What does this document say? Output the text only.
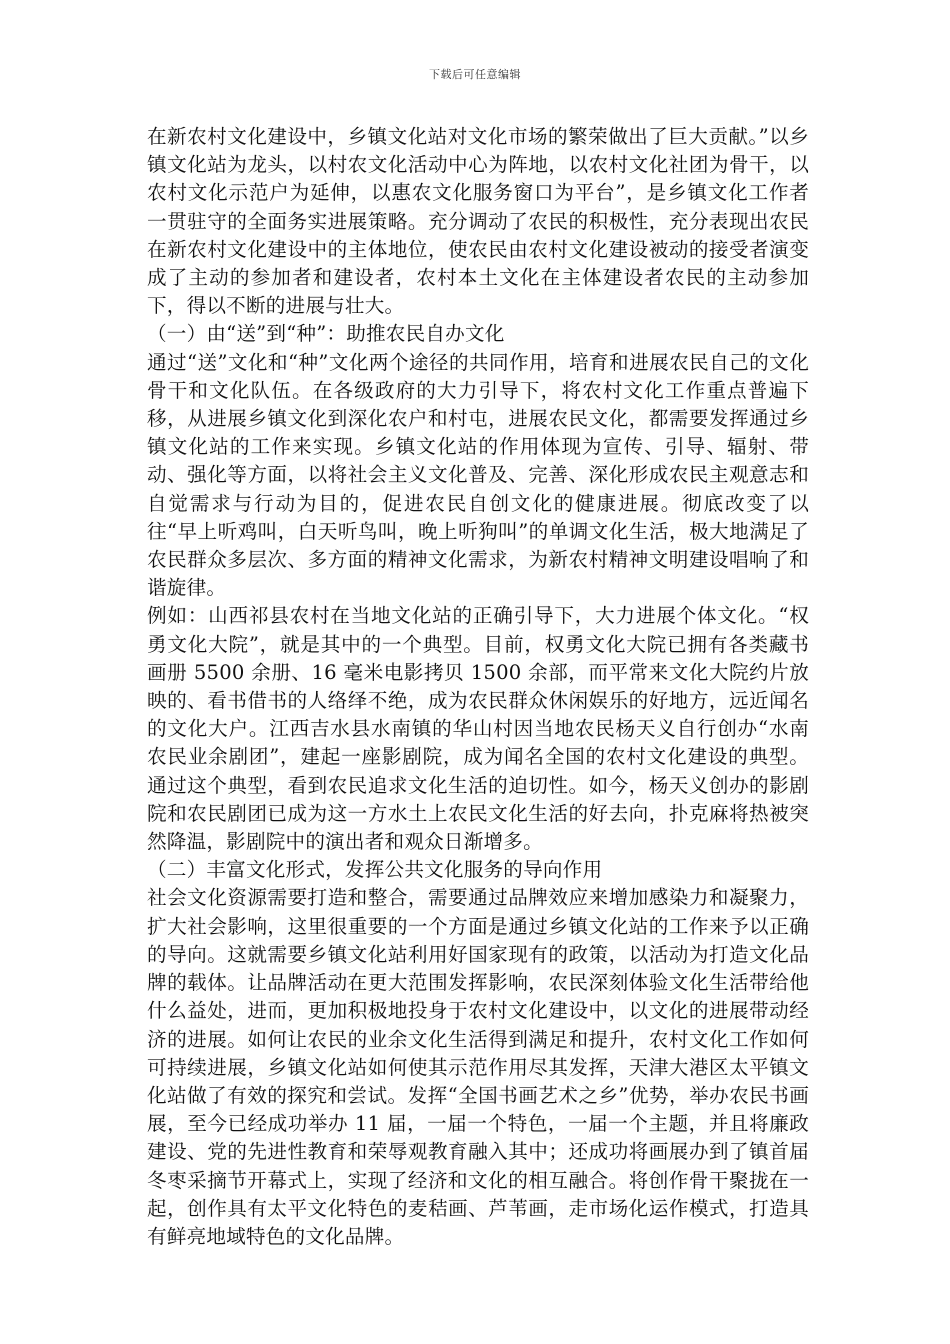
下载后可任意编辑

在新农村文化建设中，乡镇文化站对文化市场的繁荣做出了巨大贡献。”以乡镇文化站为龙头，以村农文化活动中心为阵地，以农村文化社团为骨干，以农村文化示范户为延伸，以惠农文化服务窗口为平台”，是乡镇文化工作者一贯驻守的全面务实进展策略。充分调动了农民的积极性，充分表现出农民在新农村文化建设中的主体地位，使农民由农村文化建设被动的接受者演变成了主动的参加者和建设者，农村本土文化在主体建设者农民的主动参加下，得以不断的进展与壮大。

（一）由“送”到“种”：助推农民自办文化

通过“送”文化和“种”文化两个途径的共同作用，培育和进展农民自己的文化骨干和文化队伍。在各级政府的大力引导下，将农村文化工作重点普遍下移，从进展乡镇文化到深化农户和村屯，进展农民文化，都需要发挥通过乡镇文化站的工作来实现。乡镇文化站的作用体现为宣传、引导、辐射、带动、强化等方面，以将社会主义文化普及、完善、深化形成农民主观意志和自觉需求与行动为目的，促进农民自创文化的健康进展。彻底改变了以往“早上听鸡叫，白天听鸟叫，晚上听狗叫”的单调文化生活，极大地满足了农民群众多层次、多方面的精神文化需求，为新农村精神文明建设唱响了和谐旋律。

例如：山西祁县农村在当地文化站的正确引导下，大力进展个体文化。“权勇文化大院”，就是其中的一个典型。目前，权勇文化大院已拥有各类藏书画册 5500 余册、16 毫米电影拷贝 1500 余部，而平常来文化大院约片放映的、看书借书的人络绎不绝，成为农民群众休闲娱乐的好地方，远近闻名的文化大户。江西吉水县水南镇的华山村因当地农民杨天义自行创办“水南农民业余剧团”，建起一座影剧院，成为闻名全国的农村文化建设的典型。通过这个典型，看到农民追求文化生活的迫切性。如今，杨天义创办的影剧院和农民剧团已成为这一方水土上农民文化生活的好去向，扑克麻将热被突然降温，影剧院中的演出者和观众日渐增多。

（二）丰富文化形式，发挥公共文化服务的导向作用

社会文化资源需要打造和整合，需要通过品牌效应来增加感染力和凝聚力，扩大社会影响，这里很重要的一个方面是通过乡镇文化站的工作来予以正确的导向。这就需要乡镇文化站利用好国家现有的政策，以活动为打造文化品牌的载体。让品牌活动在更大范围发挥影响，农民深刻体验文化生活带给他什么益处，进而，更加积极地投身于农村文化建设中，以文化的进展带动经济的进展。如何让农民的业余文化生活得到满足和提升，农村文化工作如何可持续进展，乡镇文化站如何使其示范作用尽其发挥，天津大港区太平镇文化站做了有效的探究和尝试。发挥“全国书画艺术之乡”优势，举办农民书画展，至今已经成功举办 11 届，一届一个特色，一届一个主题，并且将廉政建设、党的先进性教育和荣辱观教育融入其中；还成功将画展办到了镇首届冬枣采摘节开幕式上，实现了经济和文化的相互融合。将创作骨干聚拢在一起，创作具有太平文化特色的麦秸画、芦苇画，走市场化运作模式，打造具有鲜亮地域特色的文化品牌。
